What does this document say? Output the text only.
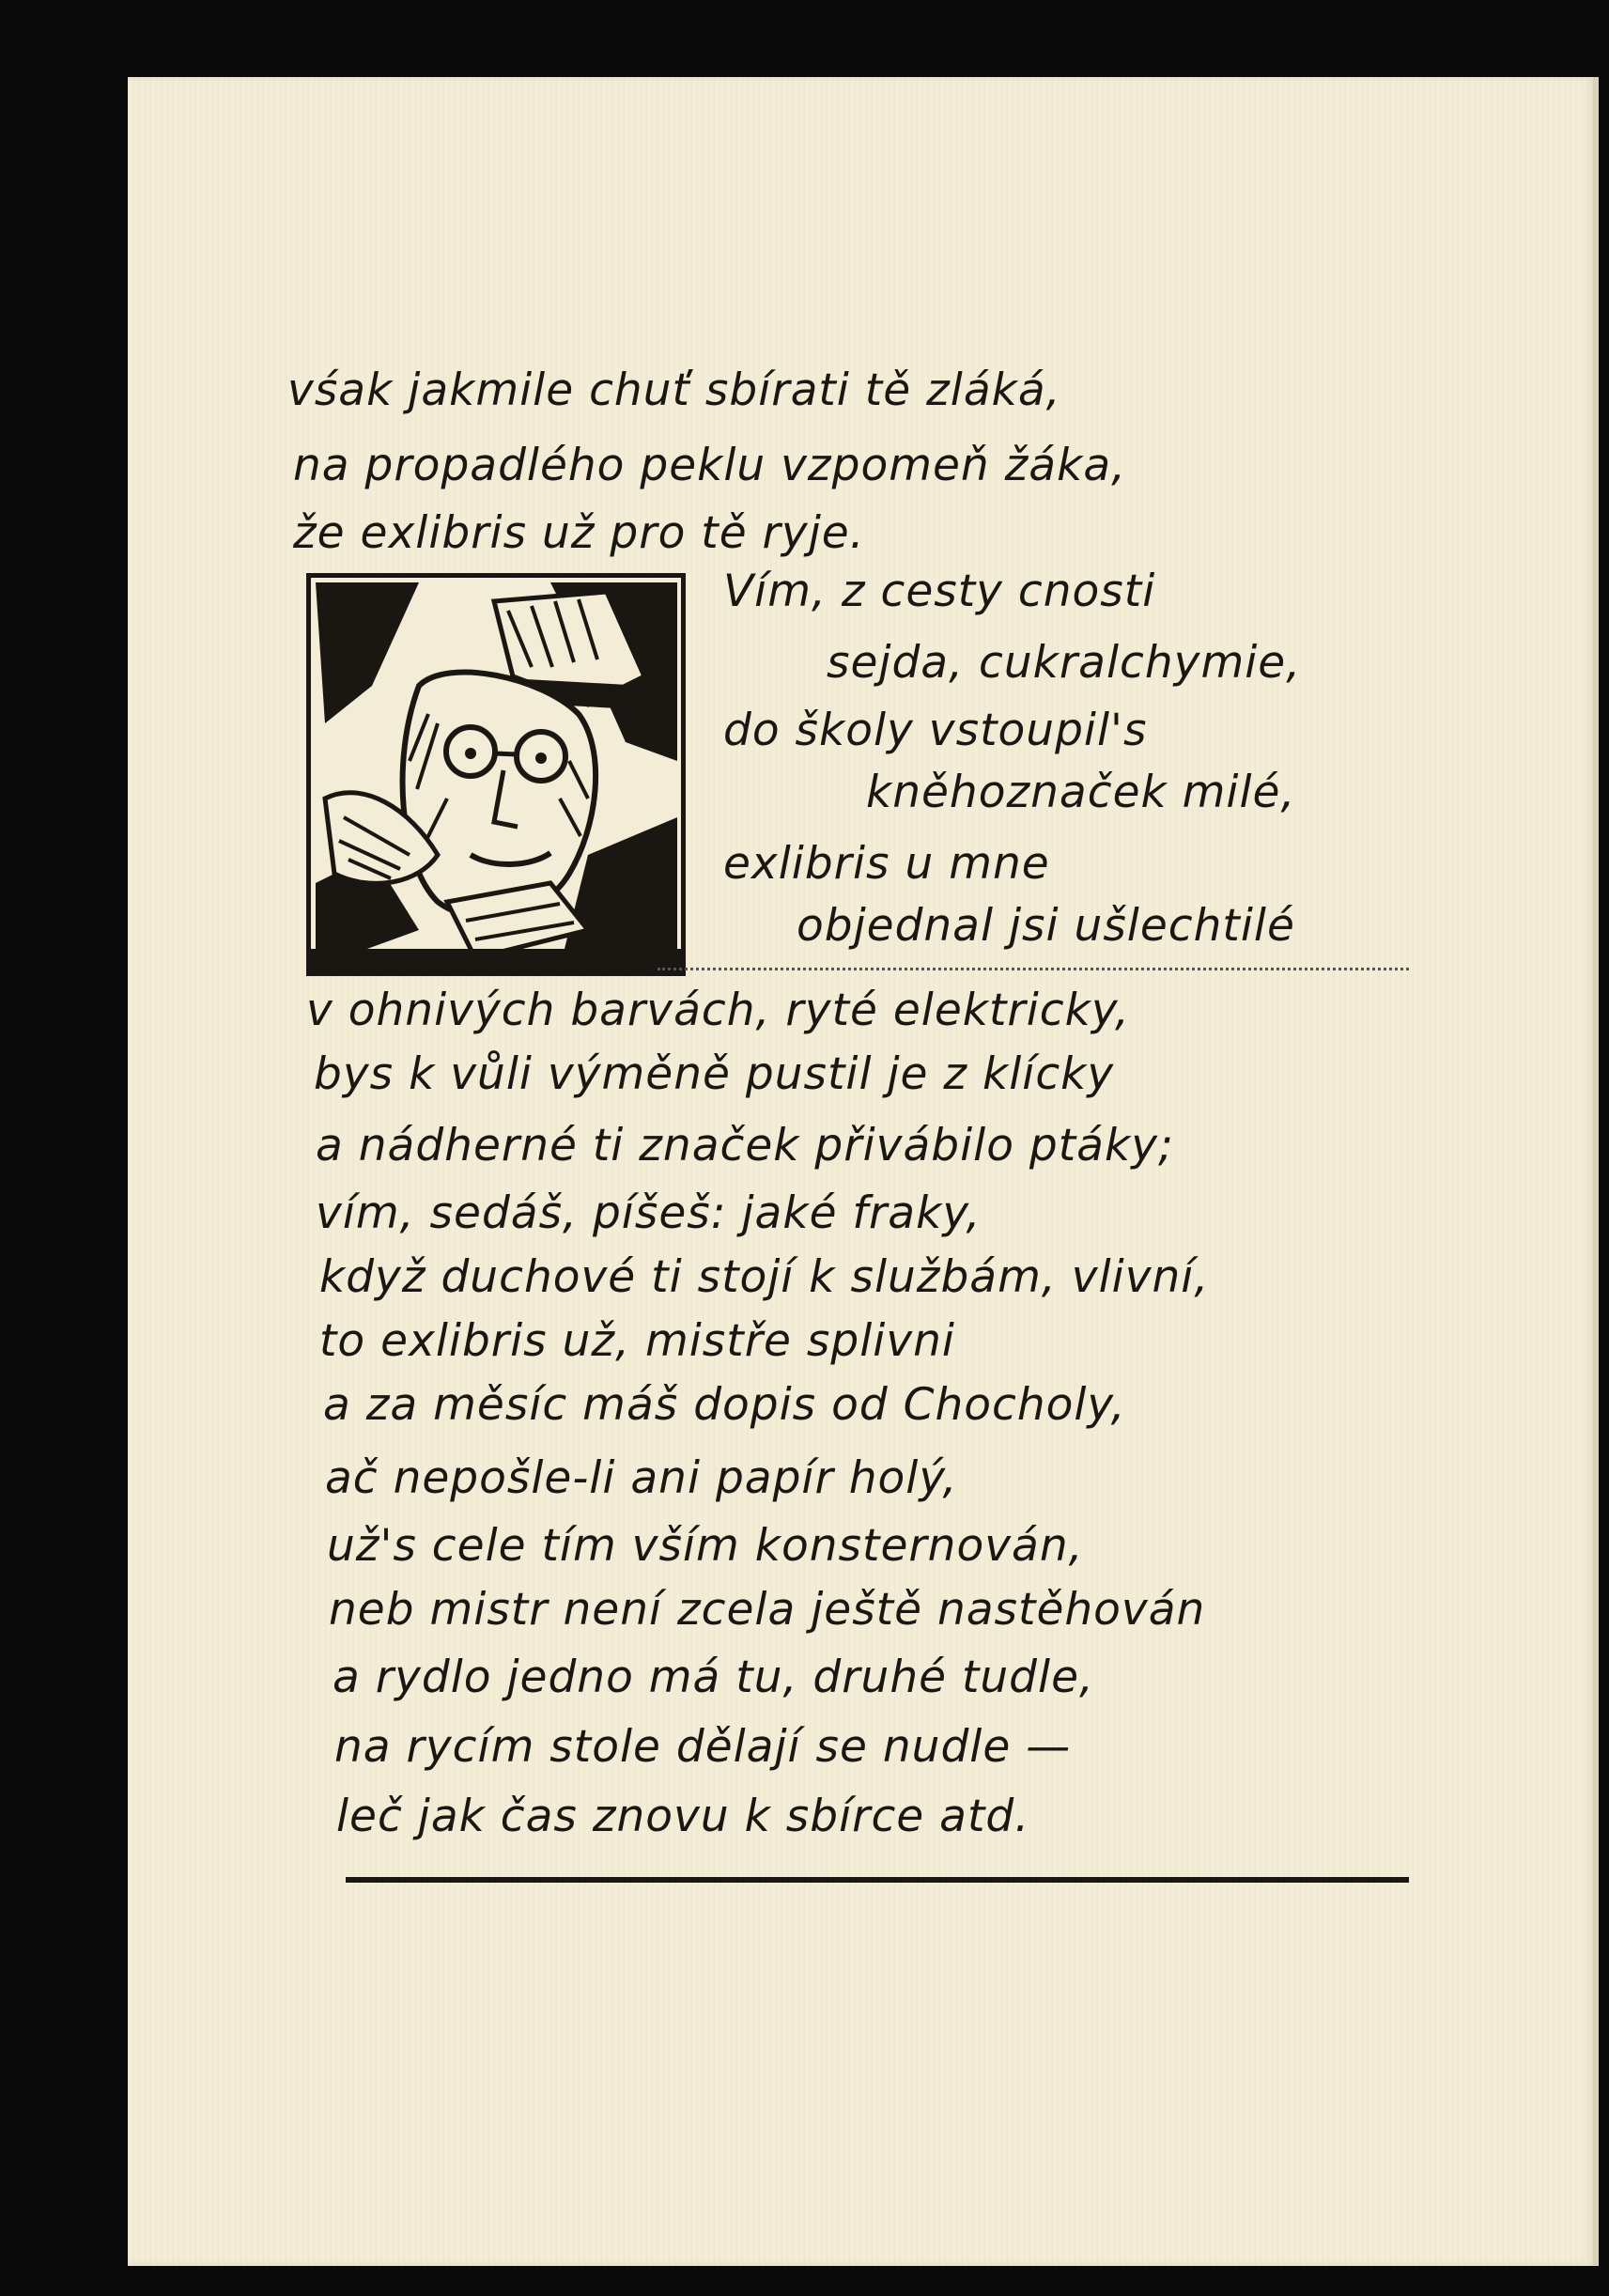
vśak jakmile chuť sbírati tě zláká,

na propadlého peklu vzpomeň žáka,

že exlibris už pro tě ryje.

Vím, z cesty cnosti

sejda, cukralchymie,

do školy vstoupil's

kněhoznaček milé,

exlibris u mne

objednal jsi ušlechtilé

v ohnivých barvách, ryté elektricky,

bys k vůli výměně pustil je z klícky

a nádherné ti značek přivábilo ptáky;

vím, sedáš, píšeš: jaké fraky,

když duchové ti stojí k službám, vlivní,

to exlibris už, mistře splivni

a za měsíc máš dopis od Chocholy,

ač nepošle-li ani papír holý,

už's cele tím vším konsternován,

neb mistr není zcela ještě nastěhován

a rydlo jedno má tu, druhé tudle,

na rycím stole dělají se nudle —

leč jak čas znovu k sbírce atd.
